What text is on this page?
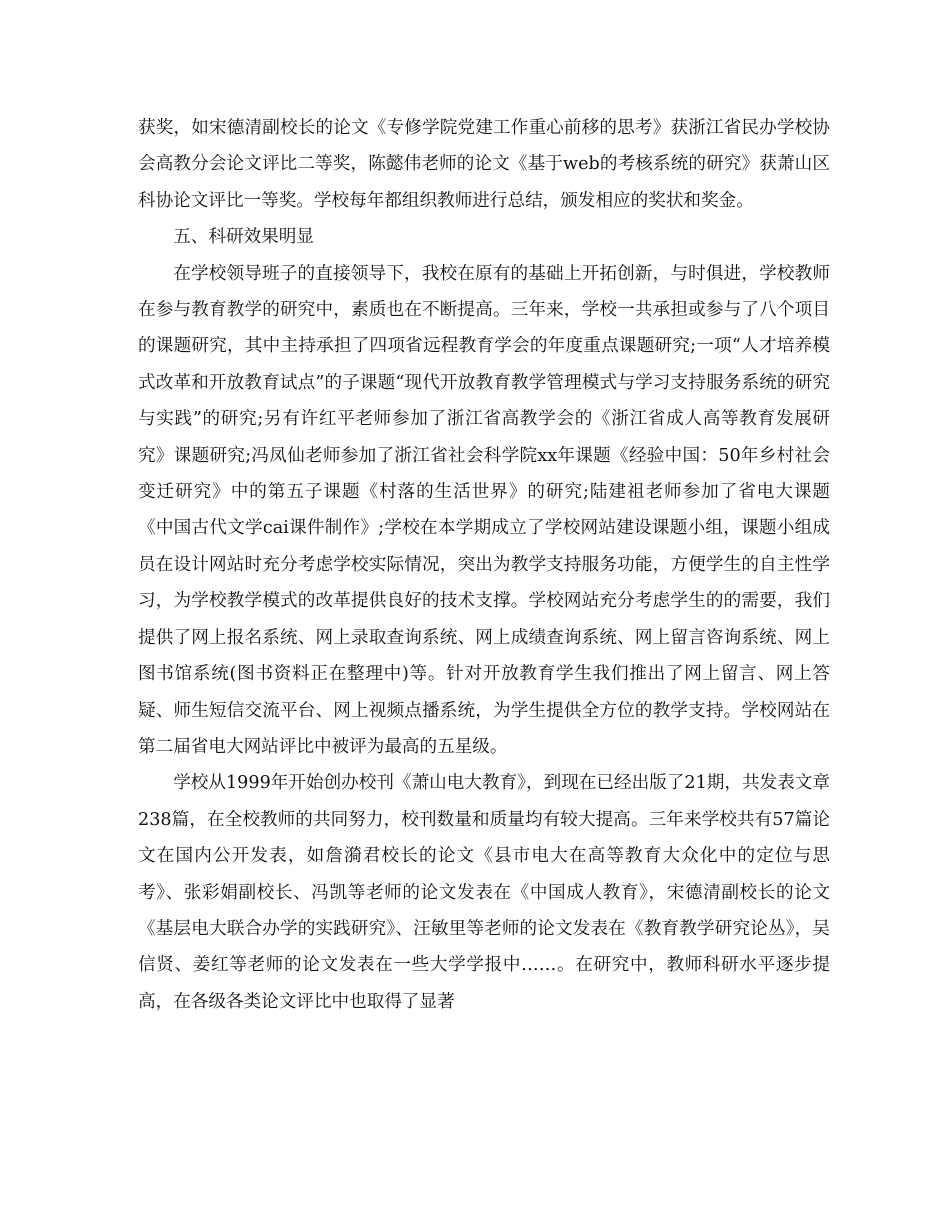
获奖，如宋德清副校长的论文《专修学院党建工作重心前移的思考》获浙江省民办学校协会高教分会论文评比二等奖，陈懿伟老师的论文《基于web的考核系统的研究》获萧山区科协论文评比一等奖。学校每年都组织教师进行总结，颁发相应的奖状和奖金。

五、科研效果明显

在学校领导班子的直接领导下，我校在原有的基础上开拓创新，与时俱进，学校教师在参与教育教学的研究中，素质也在不断提高。三年来，学校一共承担或参与了八个项目的课题研究，其中主持承担了四项省远程教育学会的年度重点课题研究;一项“人才培养模式改革和开放教育试点”的子课题“现代开放教育教学管理模式与学习支持服务系统的研究与实践”的研究;另有许红平老师参加了浙江省高教学会的《浙江省成人高等教育发展研究》课题研究;冯凤仙老师参加了浙江省社会科学院xx年课题《经验中国：50年乡村社会变迁研究》中的第五子课题《村落的生活世界》的研究;陆建祖老师参加了省电大课题《中国古代文学cai课件制作》;学校在本学期成立了学校网站建设课题小组，课题小组成员在设计网站时充分考虑学校实际情况，突出为教学支持服务功能，方便学生的自主性学习，为学校教学模式的改革提供良好的技术支撑。学校网站充分考虑学生的的需要，我们提供了网上报名系统、网上录取查询系统、网上成绩查询系统、网上留言咨询系统、网上图书馆系统(图书资料正在整理中)等。针对开放教育学生我们推出了网上留言、网上答疑、师生短信交流平台、网上视频点播系统，为学生提供全方位的教学支持。学校网站在第二届省电大网站评比中被评为最高的五星级。

学校从1999年开始创办校刊《萧山电大教育》，到现在已经出版了21期，共发表文章238篇，在全校教师的共同努力，校刊数量和质量均有较大提高。三年来学校共有57篇论文在国内公开发表，如詹漪君校长的论文《县市电大在高等教育大众化中的定位与思考》、张彩娟副校长、冯凯等老师的论文发表在《中国成人教育》，宋德清副校长的论文《基层电大联合办学的实践研究》、汪敏里等老师的论文发表在《教育教学研究论丛》，吴信贤、姜红等老师的论文发表在一些大学学报中……。在研究中，教师科研水平逐步提高，在各级各类论文评比中也取得了显著
